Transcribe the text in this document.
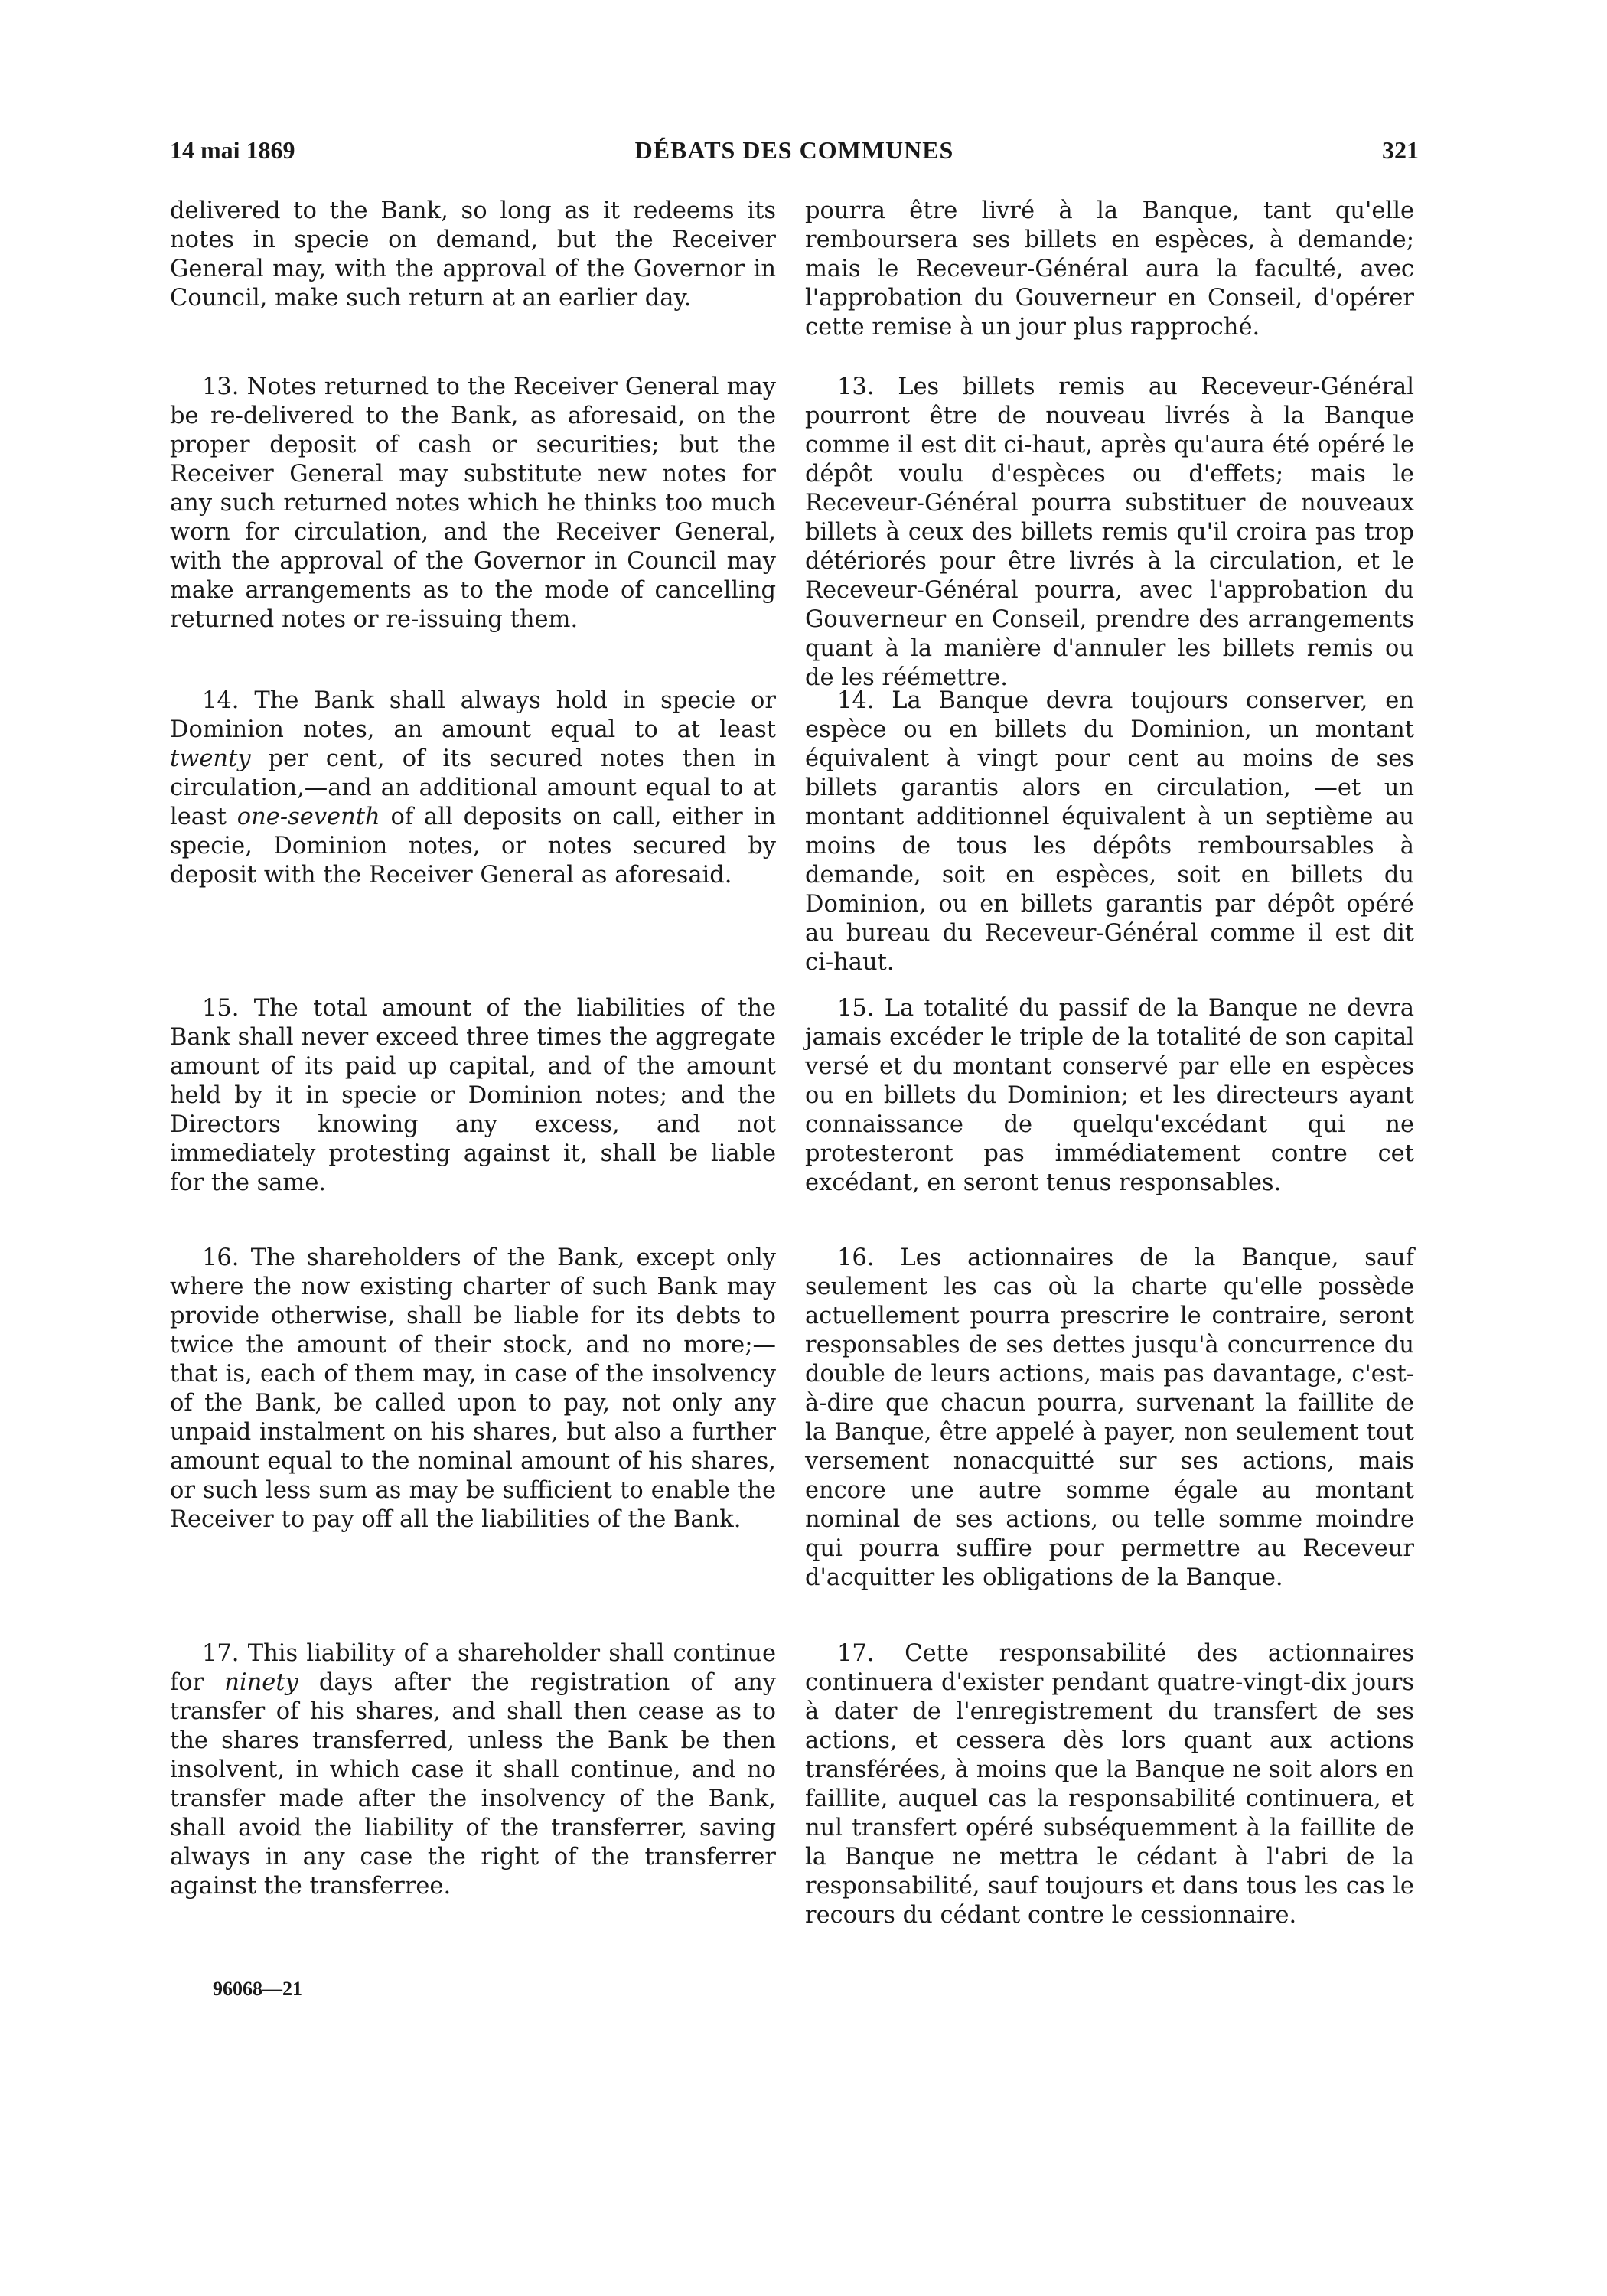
14 mai 1869	DÉBATS DES COMMUNES	321

delivered to the Bank, so long as it redeems its notes in specie on demand, but the Receiver General may, with the approval of the Governor in Council, make such return at an earlier day.

13. Notes returned to the Receiver General may be re-delivered to the Bank, as aforesaid, on the proper deposit of cash or securities; but the Receiver General may substitute new notes for any such returned notes which he thinks too much worn for circulation, and the Receiver General, with the approval of the Governor in Council may make arrangements as to the mode of cancelling returned notes or re-issuing them.

14. The Bank shall always hold in specie or Dominion notes, an amount equal to at least twenty per cent, of its secured notes then in circulation,—and an additional amount equal to at least one-seventh of all deposits on call, either in specie, Dominion notes, or notes secured by deposit with the Receiver General as aforesaid.

15. The total amount of the liabilities of the Bank shall never exceed three times the aggregate amount of its paid up capital, and of the amount held by it in specie or Dominion notes; and the Directors knowing any excess, and not immediately protesting against it, shall be liable for the same.

16. The shareholders of the Bank, except only where the now existing charter of such Bank may provide otherwise, shall be liable for its debts to twice the amount of their stock, and no more;—that is, each of them may, in case of the insolvency of the Bank, be called upon to pay, not only any unpaid instalment on his shares, but also a further amount equal to the nominal amount of his shares, or such less sum as may be sufficient to enable the Receiver to pay off all the liabilities of the Bank.

17. This liability of a shareholder shall continue for ninety days after the registration of any transfer of his shares, and shall then cease as to the shares transferred, unless the Bank be then insolvent, in which case it shall continue, and no transfer made after the insolvency of the Bank, shall avoid the liability of the transferrer, saving always in any case the right of the transferrer against the transferree.

pourra être livré à la Banque, tant qu'elle remboursera ses billets en espèces, à demande; mais le Receveur-Général aura la faculté, avec l'approbation du Gouverneur en Conseil, d'opérer cette remise à un jour plus rapproché.

13. Les billets remis au Receveur-Général pourront être de nouveau livrés à la Banque comme il est dit ci-haut, après qu'aura été opéré le dépôt voulu d'espèces ou d'effets; mais le Receveur-Général pourra substituer de nouveaux billets à ceux des billets remis qu'il croira pas trop détériorés pour être livrés à la circulation, et le Receveur-Général pourra, avec l'approbation du Gouverneur en Conseil, prendre des arrangements quant à la manière d'annuler les billets remis ou de les réémettre.

14. La Banque devra toujours conserver, en espèce ou en billets du Dominion, un montant équivalent à vingt pour cent au moins de ses billets garantis alors en circulation, —et un montant additionnel équivalent à un septième au moins de tous les dépôts remboursables à demande, soit en espèces, soit en billets du Dominion, ou en billets garantis par dépôt opéré au bureau du Receveur-Général comme il est dit ci-haut.

15. La totalité du passif de la Banque ne devra jamais excéder le triple de la totalité de son capital versé et du montant conservé par elle en espèces ou en billets du Dominion; et les directeurs ayant connaissance de quelqu'excédant qui ne protesteront pas immédiatement contre cet excédant, en seront tenus responsables.

16. Les actionnaires de la Banque, sauf seulement les cas où la charte qu'elle possède actuellement pourra prescrire le contraire, seront responsables de ses dettes jusqu'à concurrence du double de leurs actions, mais pas davantage, c'est-à-dire que chacun pourra, survenant la faillite de la Banque, être appelé à payer, non seulement tout versement nonacquitté sur ses actions, mais encore une autre somme égale au montant nominal de ses actions, ou telle somme moindre qui pourra suffire pour permettre au Receveur d'acquitter les obligations de la Banque.

17. Cette responsabilité des actionnaires continuera d'exister pendant quatre-vingt-dix jours à dater de l'enregistrement du transfert de ses actions, et cessera dès lors quant aux actions transférées, à moins que la Banque ne soit alors en faillite, auquel cas la responsabilité continuera, et nul transfert opéré subséquemment à la faillite de la Banque ne mettra le cédant à l'abri de la responsabilité, sauf toujours et dans tous les cas le recours du cédant contre le cessionnaire.

96068—21
